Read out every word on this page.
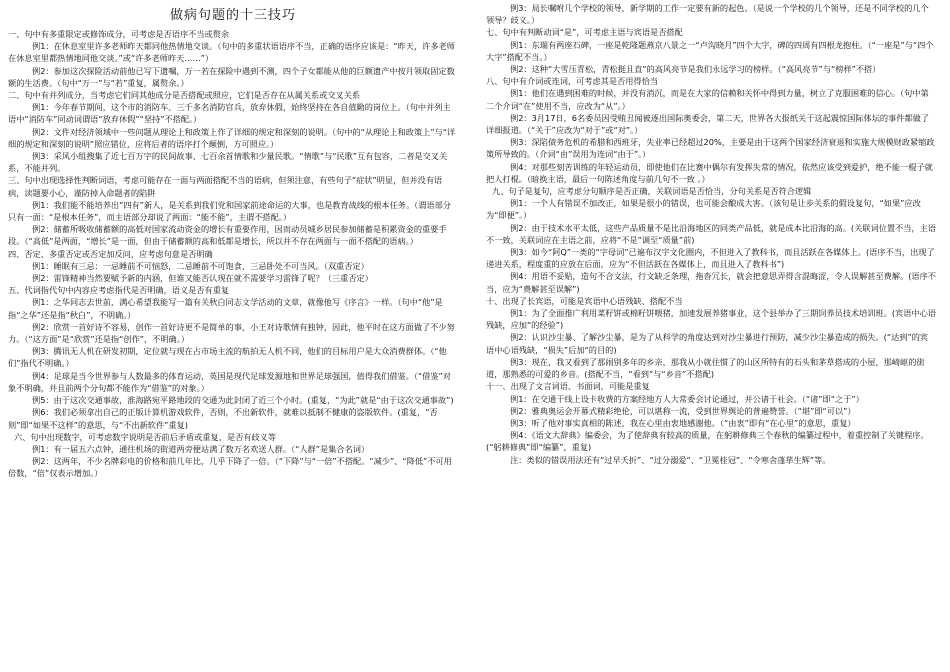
做病句题的十三技巧

一、句中有多重限定或修饰成分，可考虑是否语序不当或赘余

例1：在休息室里许多老师昨天都同他热情地交谈。（句中的多重状语语序不当，正确的语序应该是：“昨天，许多老师在休息室里都热情地同他交谈。”或“许多老师昨天……”）

例2：参加这次探险活动前他已写下遗嘱，万一若在探险中遇到不测，四个子女都能从他的巨额遗产中按月领取固定数额的生活费。（句中“万一”与“若”重复，属赘余。）

二、句中有并列成分，当考虑它们同其他成分是否搭配或照应，它们是否存在从属关系或交叉关系

例1：今年春节期间，这个市的消防车、三千多名消防官兵，放弃休假，始终坚持在各自值勤的岗位上。（句中并列主语中“消防车”同动词谓语“放弃休假”“坚持”不搭配。）

例2：文件对经济领域中一些问题从理论上和政策上作了详细的规定和深刻的说明。（句中的“从理论上和政策上”与“详细的规定和深刻的说明”照应错位，应将后者的语序打个颠倒，方可照应。）

例3：采风小组搜集了近七百万字的民间故事、七百余首情歌和少量民歌。“情歌”与“民歌”互有包容，二者是交叉关系，不能并列。

三、句中出现选择性判断词语，考虑可能存在一面与两面搭配不当的语病，但须注意，有些句子“症状”明显，但并没有语病，读题要小心，谨防掉入命题者的陷阱

例1：我们能不能培养出“四有”新人，是关系到我们党和国家前途命运的大事，也是教育战线的根本任务。（谓语部分只有一面：“是根本任务”，而主语部分却说了两面：“能不能”，主谓不搭配。）

例2：储蓄所吸收储蓄额的高低对国家流动资金的增长有重要作用，因而动员城乡居民参加储蓄是积累资金的重要手段。（“高低”是两面，“增长”是一面，但由于储蓄额的高和低都是增长，所以并不存在两面与一面不搭配的语病。）

四、否定、多重否定或否定加反问，应考虑句意是否明确

例1：睡眠有三忌：一忌睡前不可恼怒，二忌睡前不可饱食，三忌卧处不可当风。（双重否定）

例2：雷锋精神当然要赋予新的内涵，但谁又能否认现在就不需要学习雷锋了呢？（三重否定）

五、代词指代句中内容应考虑指代是否明确，语义是否有重复

例1：之华同志去世前，满心希望我能写一篇有关秋白同志文学活动的文章，就像他写《序言》一样。（句中“他”是指“之华”还是指“秋白”，不明确。）

例2：欣赏一首好诗不容易，创作一首好诗更不是简单的事，小王对诗歌情有独钟，因此，他平时在这方面做了不少努力。（“这方面”是“欣赏”还是指“创作”，不明确。）

例3：腾讯无人机在研发初期，定位就与现在占市场主流的航拍无人机不同，他们的目标用户是大众消费群体。（“他们”指代不明确。）

例4：足球是当今世界参与人数最多的体育运动，英国是现代足球发源地和世界足球强国，值得我们借鉴。（“借鉴”对象不明确，并且前两个分句都不能作为“借鉴”的对象。）

例5：由于这次交通事故，淮海路宛平路地段的交通为此封闭了近三个小时。(重复，“为此”就是“由于这次交通事故”)

例6：我们必须拿出自己的正版计算机游戏软件，否则，不出新软件，就难以抵制不健康的盗版软件。(重复，“否则”即“如果不这样”的意思，与“不出新软件”重复)

六、句中出现数字，可考虑数字说明是否前后矛盾或重复，是否有歧义等

例1：有一届五六点钟，通往机场的街道两旁便站满了数万名欢送人群。（“人群”是集合名词）

例2：这两年，不少名牌彩电的价格和前几年比，几乎下降了一倍。（“下降”与“一倍”不搭配。“减少”、“降低”不可用倍数，“倍”仅表示增加。）

例3：局长嘱咐几个学校的领导，新学期的工作一定要有新的起色。（是说一个学校的几个领导，还是不同学校的几个领导？歧义。）

七、句中有判断动词“是”，可考虑主语与宾语是否搭配

例1：东瑞有两座石碑，一座是乾隆题燕京八景之一“卢沟晓月”四个大字，碑的四周有四根龙抱柱。（“一座是”与“四个大字”搭配不当。）

例2：这种“大雪压青松，青松挺且直”的高风亮节是我们永远学习的榜样。（“高风亮节”与“榜样”不搭）

八、句中有介词或连词，可考虑其是否用得恰当

例1：他们在遇到困难的时候，并没有消沉，而是在大家的信赖和关怀中得到力量，树立了克服困难的信心。（句中第二个介词“在”使用不当，应改为“从”。）

例2：3月17日，6名委员因受贿丑闻被逐出国际奥委会，第二天，世界各大报纸关于这起震惊国际体坛的事件都做了详细报道。（“关于”应改为“对于”或“对”。）

例3：深陷债务危机的希腊和西班牙，失业率已经超过20%，主要是由于这两个国家经济衰退和实施大规模财政紧缩政策所导致的。（介词“由”误用为连词“由于”。）

例4：对那些刻苦训练的年轻运动员，即使他们在比赛中偶尔有发挥失常的情况，依然应该受到爱护，绝不能一棍子就把人打棍。（暗换主语，最后一句陈述角度与前几句不一致 。）

九、句子是复句，应考虑分句顺序是否正确，关联词语是否恰当，分句关系是否符合逻辑

例1：一个人有错误不加改正，如果是很小的错误，也可能会酿成大害。（该句是让步关系的假设复句，“如果”应改为“即便”。）

例2：由于技术水平太低，这些产品质量不是比沿海地区的同类产品低，就是成本比沿海的高。(关联词位置不当，主语不一致，关联词应在主语之前，应将“不是”调至“质量”前)

例3：如今“阿Q”一类的“字母词”已遍布汉字文化圈内，不但进入了教科书，而且活跃在各媒体上。(语序不当，出现了递进关系，程度重的应放在后面，应为“不但活跃在各媒体上，而且进入了教科书”)

例4：用语不妥贴，造句不合文法，行文缺乏条理，拖沓冗长，就会把意思弄得含混晦涩，令人误解甚至费解。(语序不当，应为“费解甚至误解”)

十、出现了长宾语，可能是宾语中心语残缺、搭配不当

例1：为了全面推广利用菜籽饼或棉籽饼喂猪，加速发展养猪事业，这个县举办了三期饲养员技术培训班。(宾语中心语残缺，应加“的经验”)

例2：认识沙尘暴、了解沙尘暴，是为了从科学的角度达到对沙尘暴进行预防，减少沙尘暴造成的损失。(“达到”的宾语中心语残缺，“损失”后加“的目的)

例3：现在，我又看到了那闹别多年的乡亲，那我从小就住惯了的山区所特有的石头和茅草搭成的小屋，那崎岖的街道，那熟悉的可爱的乡音。(搭配不当，“看到”与“乡音”不搭配)

十一、出现了文言词语、书面词，可能是重复

例1：在交通干线上设卡收费的方案经地方人大常委会讨论通过，并公诸于社会。（“诸”即“之于”）

例2：雅典奥运会开幕式精彩绝伦，可以堪称一流，受到世界舆论的普遍赞誉。（“堪”即“可以”）

例3：听了他对事实真相的陈述，我在心里由衷地感谢他。（“由衷”即有“在心里”的意思，重复）

例4：《语文大辞典》编委会，为了使辞典有较高的质量，在躬耕修典三个春秋的编纂过程中，着重控制了关键程序。(“躬耕修典”即“编纂”，重复)

注：类似的错误用法还有“过早夭折”、“过分溺爱”、“卫冕桂冠”、“令寒舍蓬荜生辉”等。
